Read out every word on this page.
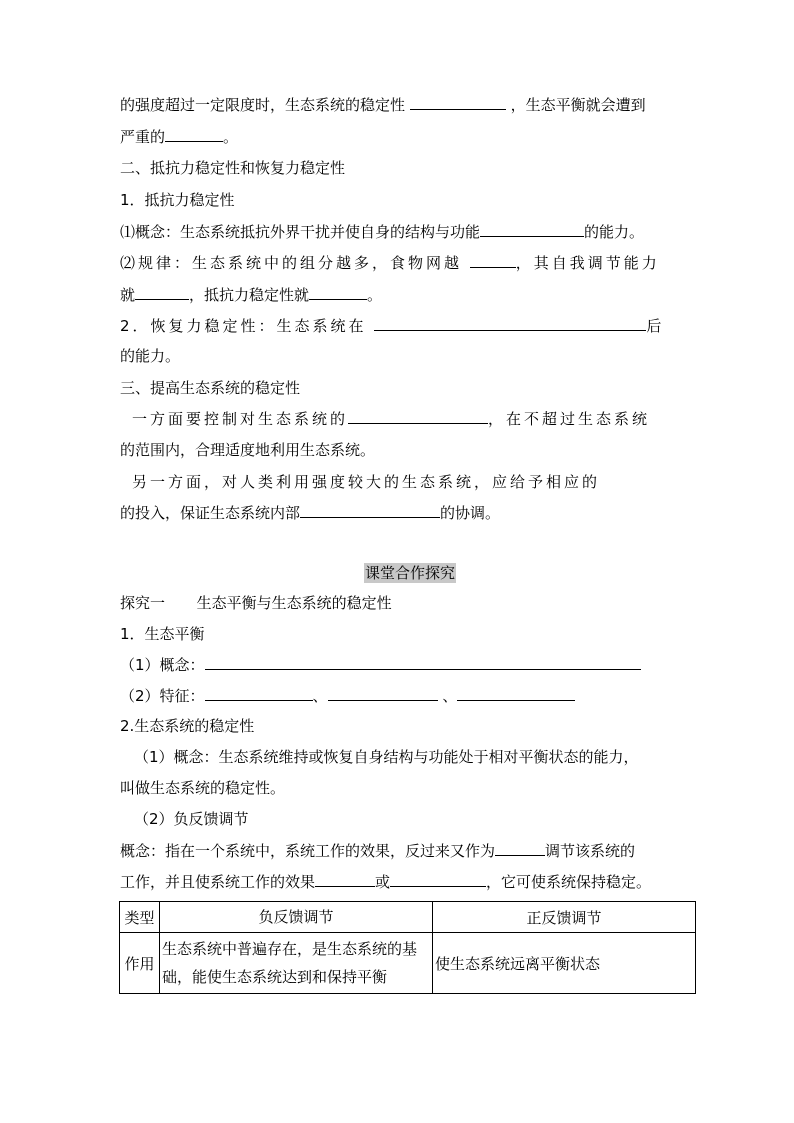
的强度超过一定限度时，生态系统的稳定性	，生态平衡就会遭到
严重的	。
二、抵抗力稳定性和恢复力稳定性
1．抵抗力稳定性
⑴概念：生态系统抵抗外界干扰并使自身的结构与功能	的能力。
⑵规律：生态系统中的组分越多，食物网越	，其自我调节能力
就	，抵抗力稳定性就	。
2．恢复力稳定性：生态系统在	后
的能力。
三、提高生态系统的稳定性
一方面要控制对生态系统的	，在不超过生态系统
的范围内，合理适度地利用生态系统。
另一方面，对人类利用强度较大的生态系统，应给予相应的
的投入，保证生态系统内部	的协调。
课堂合作探究
探究一 生态平衡与生态系统的稳定性
1．生态平衡
（1）概念：
（2）特征：	、	、
2.生态系统的稳定性
（1）概念：生态系统维持或恢复自身结构与功能处于相对平衡状态的能力，
叫做生态系统的稳定性。
（2）负反馈调节
概念：指在一个系统中，系统工作的效果，反过来又作为	调节该系统的
工作，并且使系统工作的效果	或	，它可使系统保持稳定。
类型	负反馈调节	正反馈调节
作用	生态系统中普遍存在，是生态系统的基础，能使生态系统达到和保持平衡	使生态系统远离平衡状态
